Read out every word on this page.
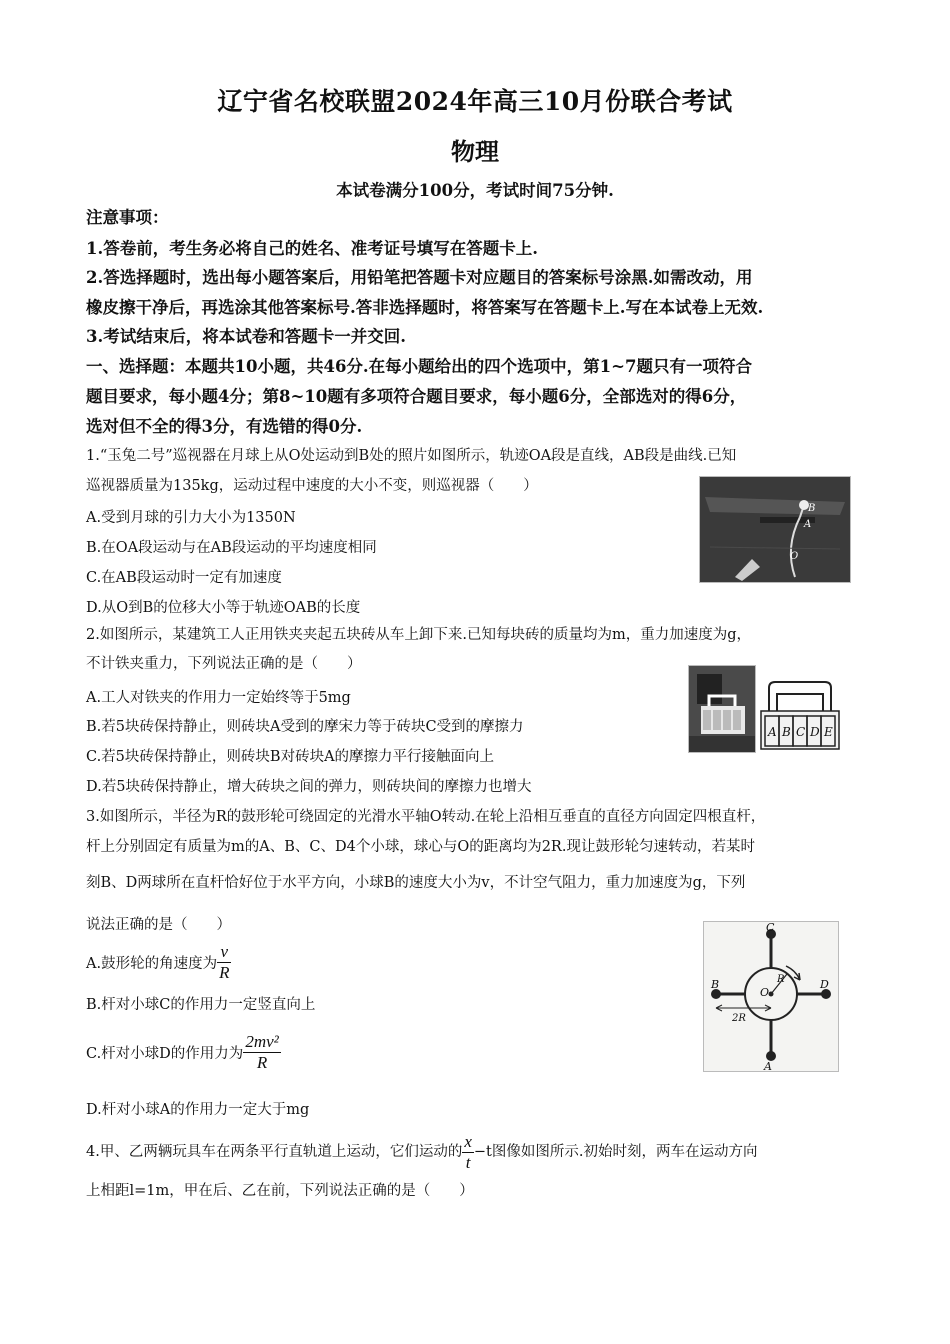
辽宁省名校联盟2024年高三10月份联合考试
物理
本试卷满分100分，考试时间75分钟.
注意事项：
1.答卷前，考生务必将自己的姓名、准考证号填写在答题卡上.
2.答选择题时，选出每小题答案后，用铅笔把答题卡对应题目的答案标号涂黑.如需改动，用
橡皮擦干净后，再选涂其他答案标号.答非选择题时，将答案写在答题卡上.写在本试卷上无效.
3.考试结束后，将本试卷和答题卡一并交回.
一、选择题：本题共10小题，共46分.在每小题给出的四个选项中，第1~7题只有一项符合
题目要求，每小题4分；第8~10题有多项符合题目要求，每小题6分，全部选对的得6分，
选对但不全的得3分，有选错的得0分.
1.“玉兔二号”巡视器在月球上从O处运动到B处的照片如图所示，轨迹OA段是直线，AB段是曲线.已知
巡视器质量为135kg，运动过程中速度的大小不变，则巡视器（　　）
A.受到月球的引力大小为1350N
B.在OA段运动与在AB段运动的平均速度相同
C.在AB段运动时一定有加速度
D.从O到B的位移大小等于轨迹OAB的长度
B
A
O
2.如图所示，某建筑工人正用铁夹夹起五块砖从车上卸下来.已知每块砖的质量均为m，重力加速度为g，
不计铁夹重力，下列说法正确的是（　　）
A.工人对铁夹的作用力一定始终等于5mg
B.若5块砖保持静止，则砖块A受到的摩宋力等于砖块C受到的摩擦力
C.若5块砖保持静止，则砖块B对砖块A的摩擦力平行接触面向上
D.若5块砖保持静止，增大砖块之间的弹力，则砖块间的摩擦力也增大
A B C D E
3.如图所示，半径为R的鼓形轮可绕固定的光滑水平轴O转动.在轮上沿相互垂直的直径方向固定四根直杆，
杆上分别固定有质量为m的A、B、C、D4个小球，球心与O的距离均为2R.现让鼓形轮匀速转动，若某时
刻B、D两球所在直杆恰好位于水平方向，小球B的速度大小为v，不计空气阻力，重力加速度为g，下列
说法正确的是（　　）
A.鼓形轮的角速度为 $\frac{v}{R}$
B.杆对小球C的作用力一定竖直向上
C.杆对小球D的作用力为 $\frac{\text{2mv²}}{R}$
D.杆对小球A的作用力一定大于mg
C
B	D
A
O
R
2R
4.甲、乙两辆玩具车在两条平行直轨道上运动，它们运动的 $\frac{x}{t} -t$图像如图所示.初始时刻，两车在运动方向
上相距l=1m，甲在后、乙在前，下列说法正确的是（　　）
